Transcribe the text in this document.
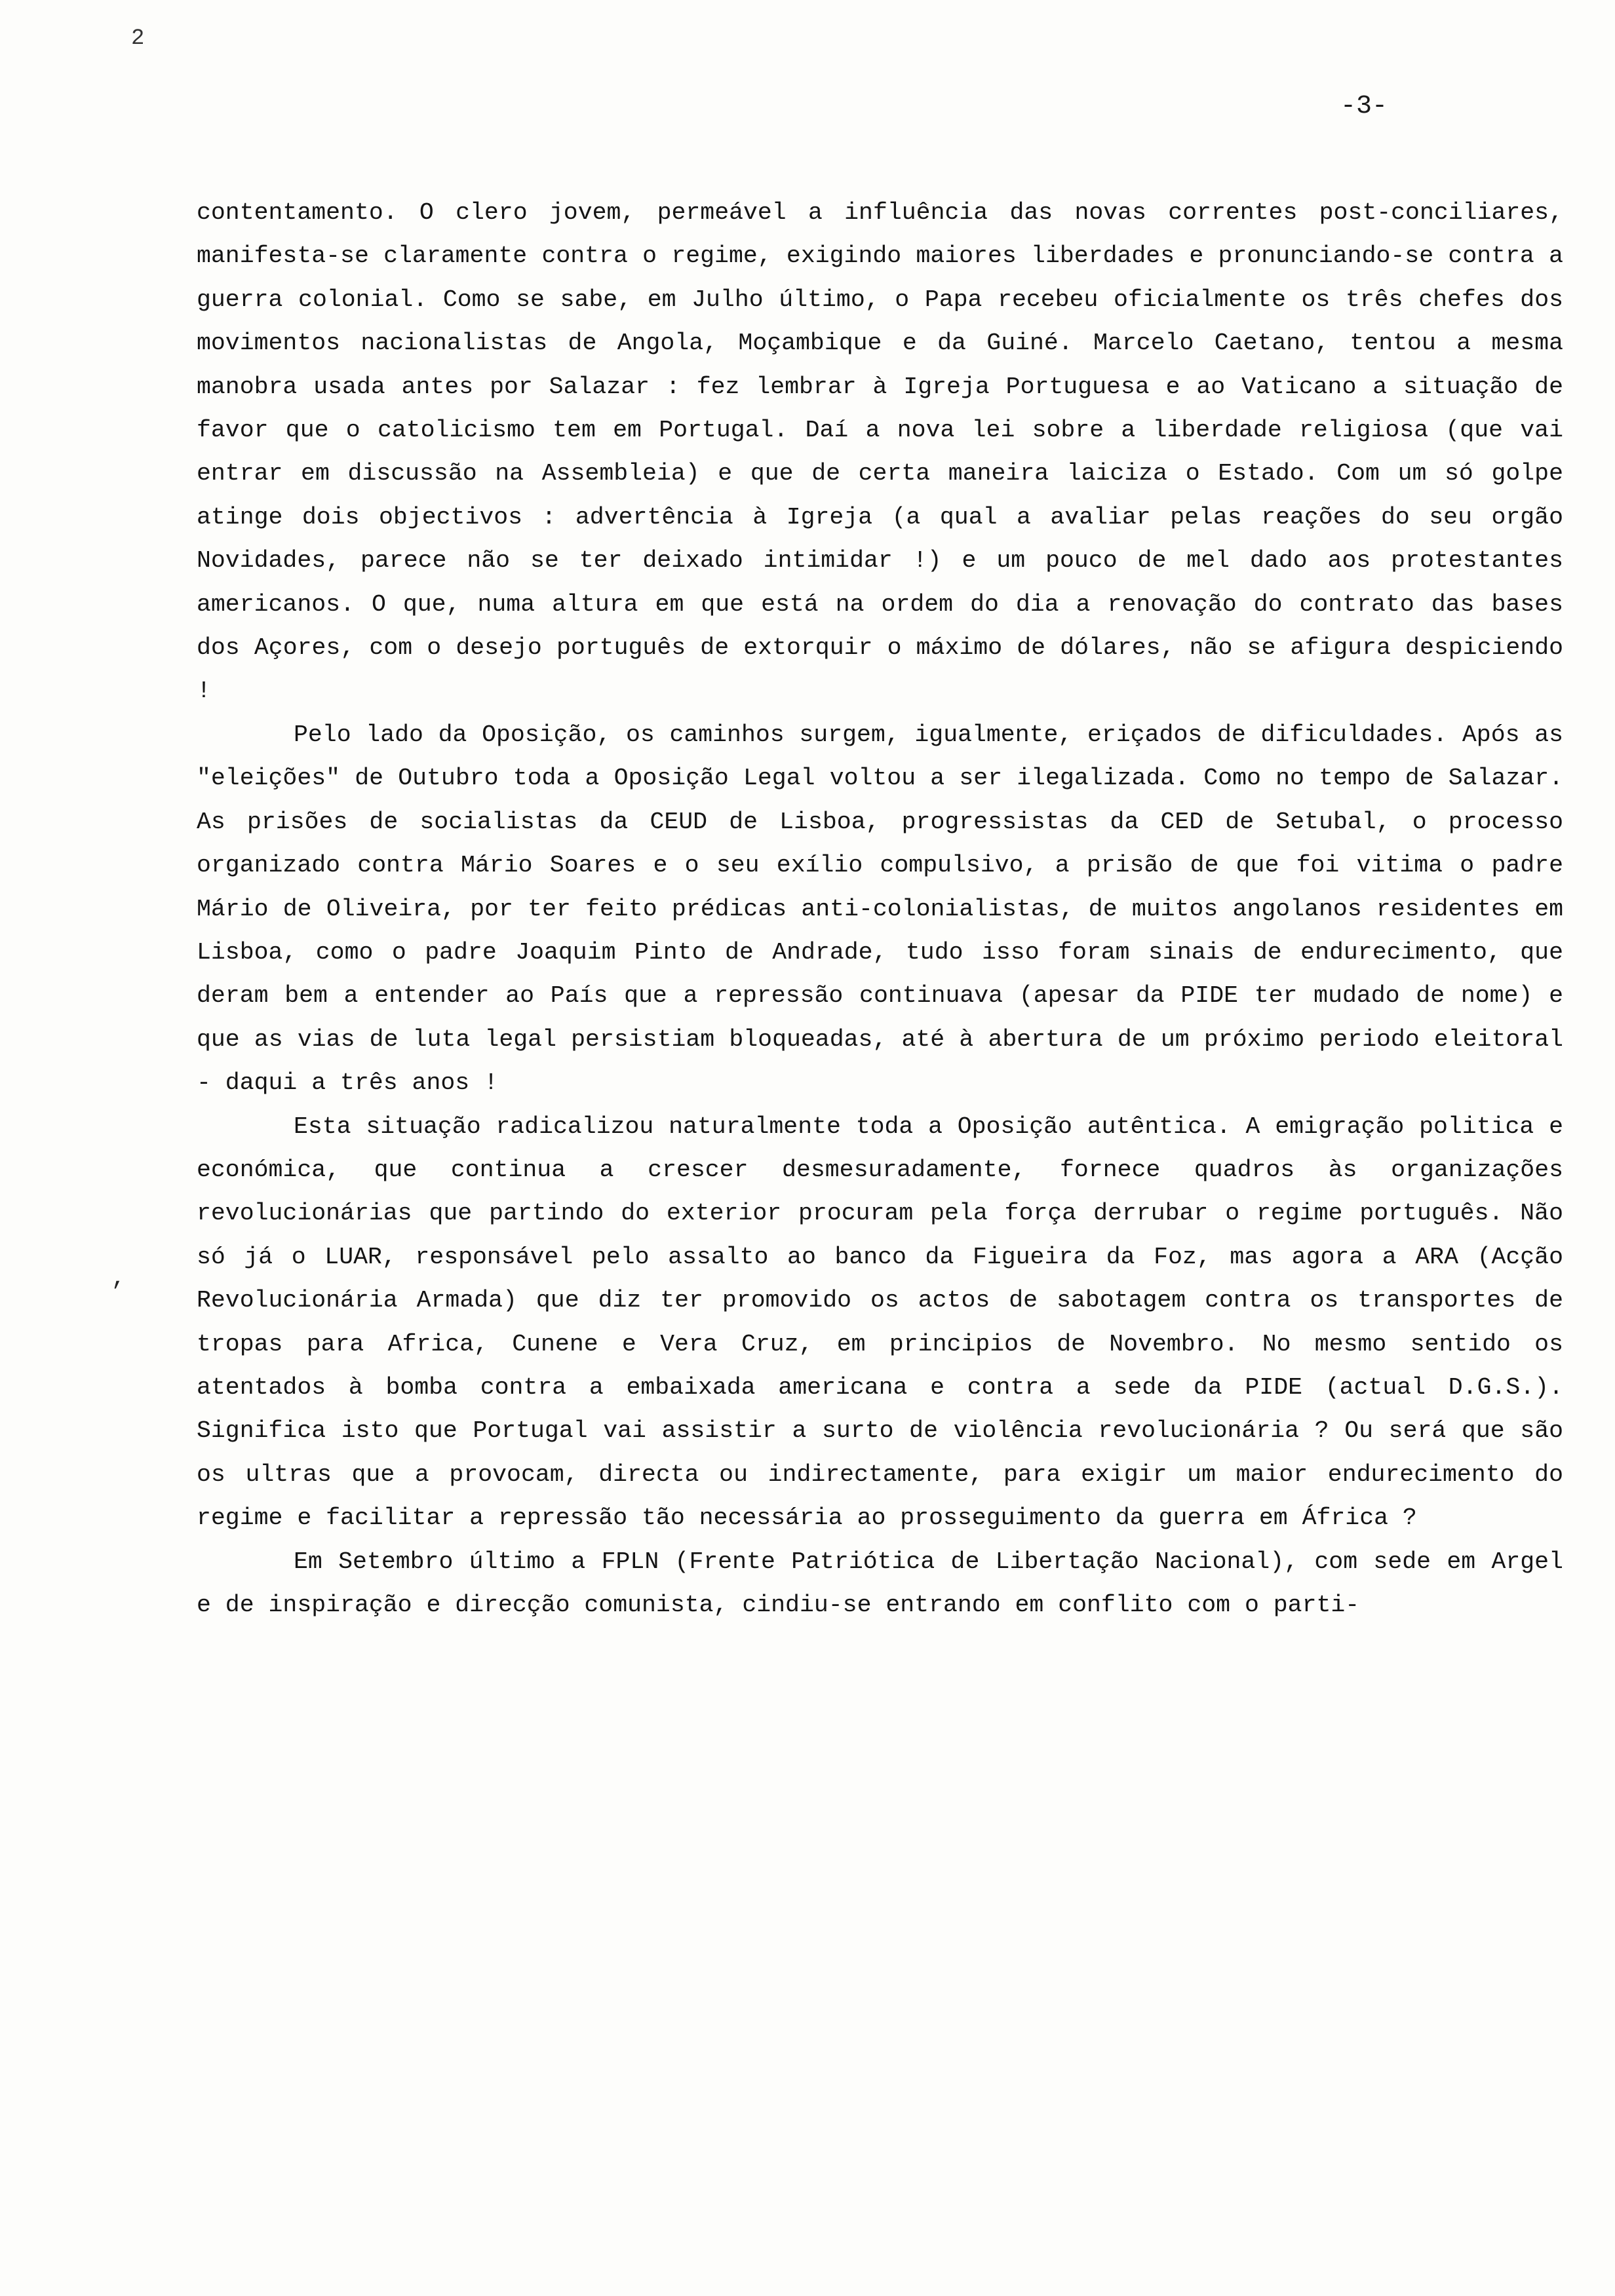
2
-3-
,

contentamento. O clero jovem, permeável a influência das novas correntes post-conciliares, manifesta-se claramente contra o regime, exigindo maiores liberdades e pronunciando-se contra a guerra colonial. Como se sabe, em Julho último, o Papa recebeu oficialmente os três chefes dos movimentos nacionalistas de Angola, Moçambique e da Guiné. Marcelo Caetano, tentou a mesma manobra usada antes por Salazar : fez lembrar à Igreja Portuguesa e ao Vaticano a situação de favor que o catolicismo tem em Portugal. Daí a nova lei sobre a liberdade religiosa (que vai entrar em discussão na Assembleia) e que de certa maneira laiciza o Estado. Com um só golpe atinge dois objectivos : advertência à Igreja (a qual a avaliar pelas reações do seu orgão Novidades, parece não se ter deixado intimidar !) e um pouco de mel dado aos protestantes americanos. O que, numa altura em que está na ordem do dia a renovação do contrato das bases dos Açores, com o desejo português de extorquir o máximo de dólares, não se afigura despiciendo !

Pelo lado da Oposição, os caminhos surgem, igualmente, eriçados de dificuldades. Após as "eleições" de Outubro toda a Oposição Legal voltou a ser ilegalizada. Como no tempo de Salazar. As prisões de socialistas da CEUD de Lisboa, progressistas da CED de Setubal, o processo organizado contra Mário Soares e o seu exílio compulsivo, a prisão de que foi vitima o padre Mário de Oliveira, por ter feito prédicas anti-colonialistas, de muitos angolanos residentes em Lisboa, como o padre Joaquim Pinto de Andrade, tudo isso foram sinais de endurecimento, que deram bem a entender ao País que a repressão continuava (apesar da PIDE ter mudado de nome) e que as vias de luta legal persistiam bloqueadas, até à abertura de um próximo periodo eleitoral - daqui a três anos !

Esta situação radicalizou naturalmente toda a Oposição autêntica. A emigração politica e económica, que continua a crescer desmesuradamente, fornece quadros às organizações revolucionárias que partindo do exterior procuram pela força derrubar o regime português. Não só já o LUAR, responsável pelo assalto ao banco da Figueira da Foz, mas agora a ARA (Acção Revolucionária Armada) que diz ter promovido os actos de sabotagem contra os transportes de tropas para Africa, Cunene e Vera Cruz, em principios de Novembro. No mesmo sentido os atentados à bomba contra a embaixada americana e contra a sede da PIDE (actual D.G.S.). Significa isto que Portugal vai assistir a surto de violência revolucionária ? Ou será que são os ultras que a provocam, directa ou indirectamente, para exigir um maior endurecimento do regime e facilitar a repressão tão necessária ao prosseguimento da guerra em África ?

Em Setembro último a FPLN (Frente Patriótica de Libertação Nacional), com sede em Argel e de inspiração e direcção comunista, cindiu-se entrando em conflito com o parti-
